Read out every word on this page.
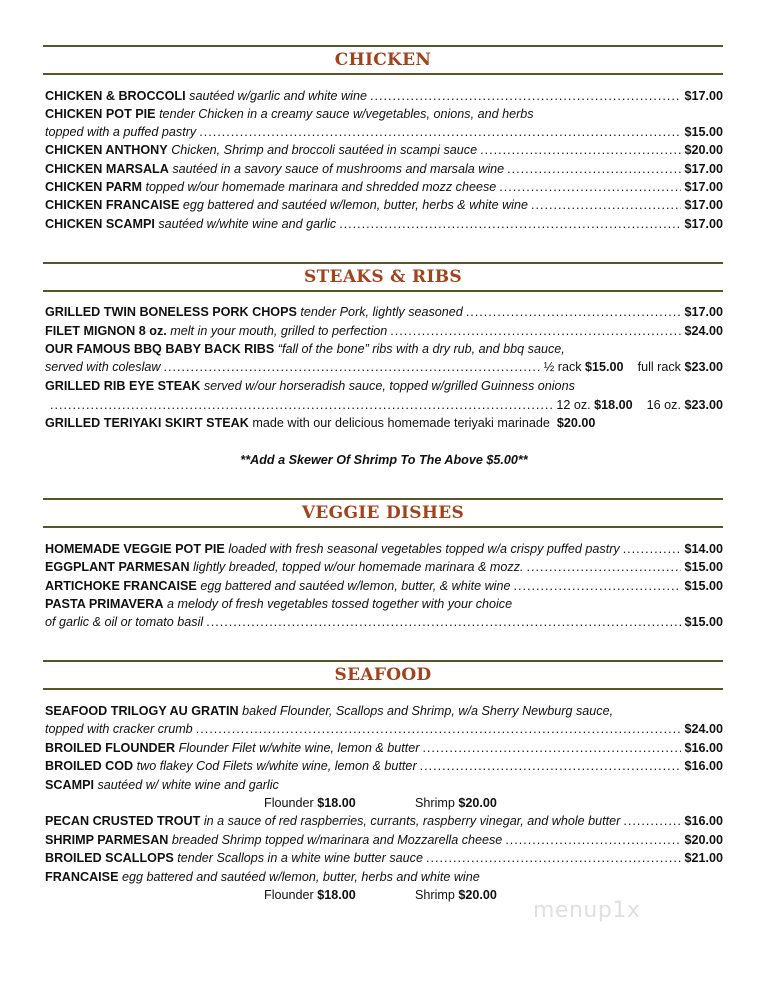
CHICKEN
CHICKEN & BROCCOLI sautéed w/garlic and white wine .....	$17.00
CHICKEN POT PIE tender Chicken in a creamy sauce w/vegetables, onions, and herbs
topped with a puffed pastry .....	$15.00
CHICKEN ANTHONY Chicken, Shrimp and broccoli sautéed in scampi sauce .....	$20.00
CHICKEN MARSALA sautéed in a savory sauce of mushrooms and marsala wine .....	$17.00
CHICKEN PARM topped w/our homemade marinara and shredded mozz cheese .....	$17.00
CHICKEN FRANCAISE egg battered and sautéed w/lemon, butter, herbs & white wine .....	$17.00
CHICKEN SCAMPI sautéed w/white wine and garlic .....	$17.00
STEAKS & RIBS
GRILLED TWIN BONELESS PORK CHOPS tender Pork, lightly seasoned .....	$17.00
FILET MIGNON 8 oz. melt in your mouth, grilled to perfection .....	$24.00
OUR FAMOUS BBQ BABY BACK RIBS “fall of the bone” ribs with a dry rub, and bbq sauce,
served with coleslaw .....	½ rack $15.00 full rack $23.00
GRILLED RIB EYE STEAK served w/our horseradish sauce, topped w/grilled Guinness onions
.....
12 oz. $18.00 16 oz. $23.00
GRILLED TERIYAKI SKIRT STEAK made with our delicious homemade teriyaki marinade $20.00
**Add a Skewer Of Shrimp To The Above $5.00**
VEGGIE DISHES
HOMEMADE VEGGIE POT PIE loaded with fresh seasonal vegetables topped w/a crispy puffed pastry .....	$14.00
EGGPLANT PARMESAN lightly breaded, topped w/our homemade marinara & mozz. .....	$15.00
ARTICHOKE FRANCAISE egg battered and sautéed w/lemon, butter, & white wine .....	$15.00
PASTA PRIMAVERA a melody of fresh vegetables tossed together with your choice
of garlic & oil or tomato basil .....	$15.00
SEAFOOD
SEAFOOD TRILOGY AU GRATIN baked Flounder, Scallops and Shrimp, w/a Sherry Newburg sauce,
topped with cracker crumb .....	$24.00
BROILED FLOUNDER Flounder Filet w/white wine, lemon & butter .....	$16.00
BROILED COD two flakey Cod Filets w/white wine, lemon & butter .....	$16.00
SCAMPI sautéed w/ white wine and garlic
Flounder $18.00	Shrimp $20.00
PECAN CRUSTED TROUT in a sauce of red raspberries, currants, raspberry vinegar, and whole butter .....	$16.00
SHRIMP PARMESAN breaded Shrimp topped w/marinara and Mozzarella cheese .....	$20.00
BROILED SCALLOPS tender Scallops in a white wine butter sauce .....	$21.00
FRANCAISE egg battered and sautéed w/lemon, butter, herbs and white wine
Flounder $18.00	Shrimp $20.00
menup1x
